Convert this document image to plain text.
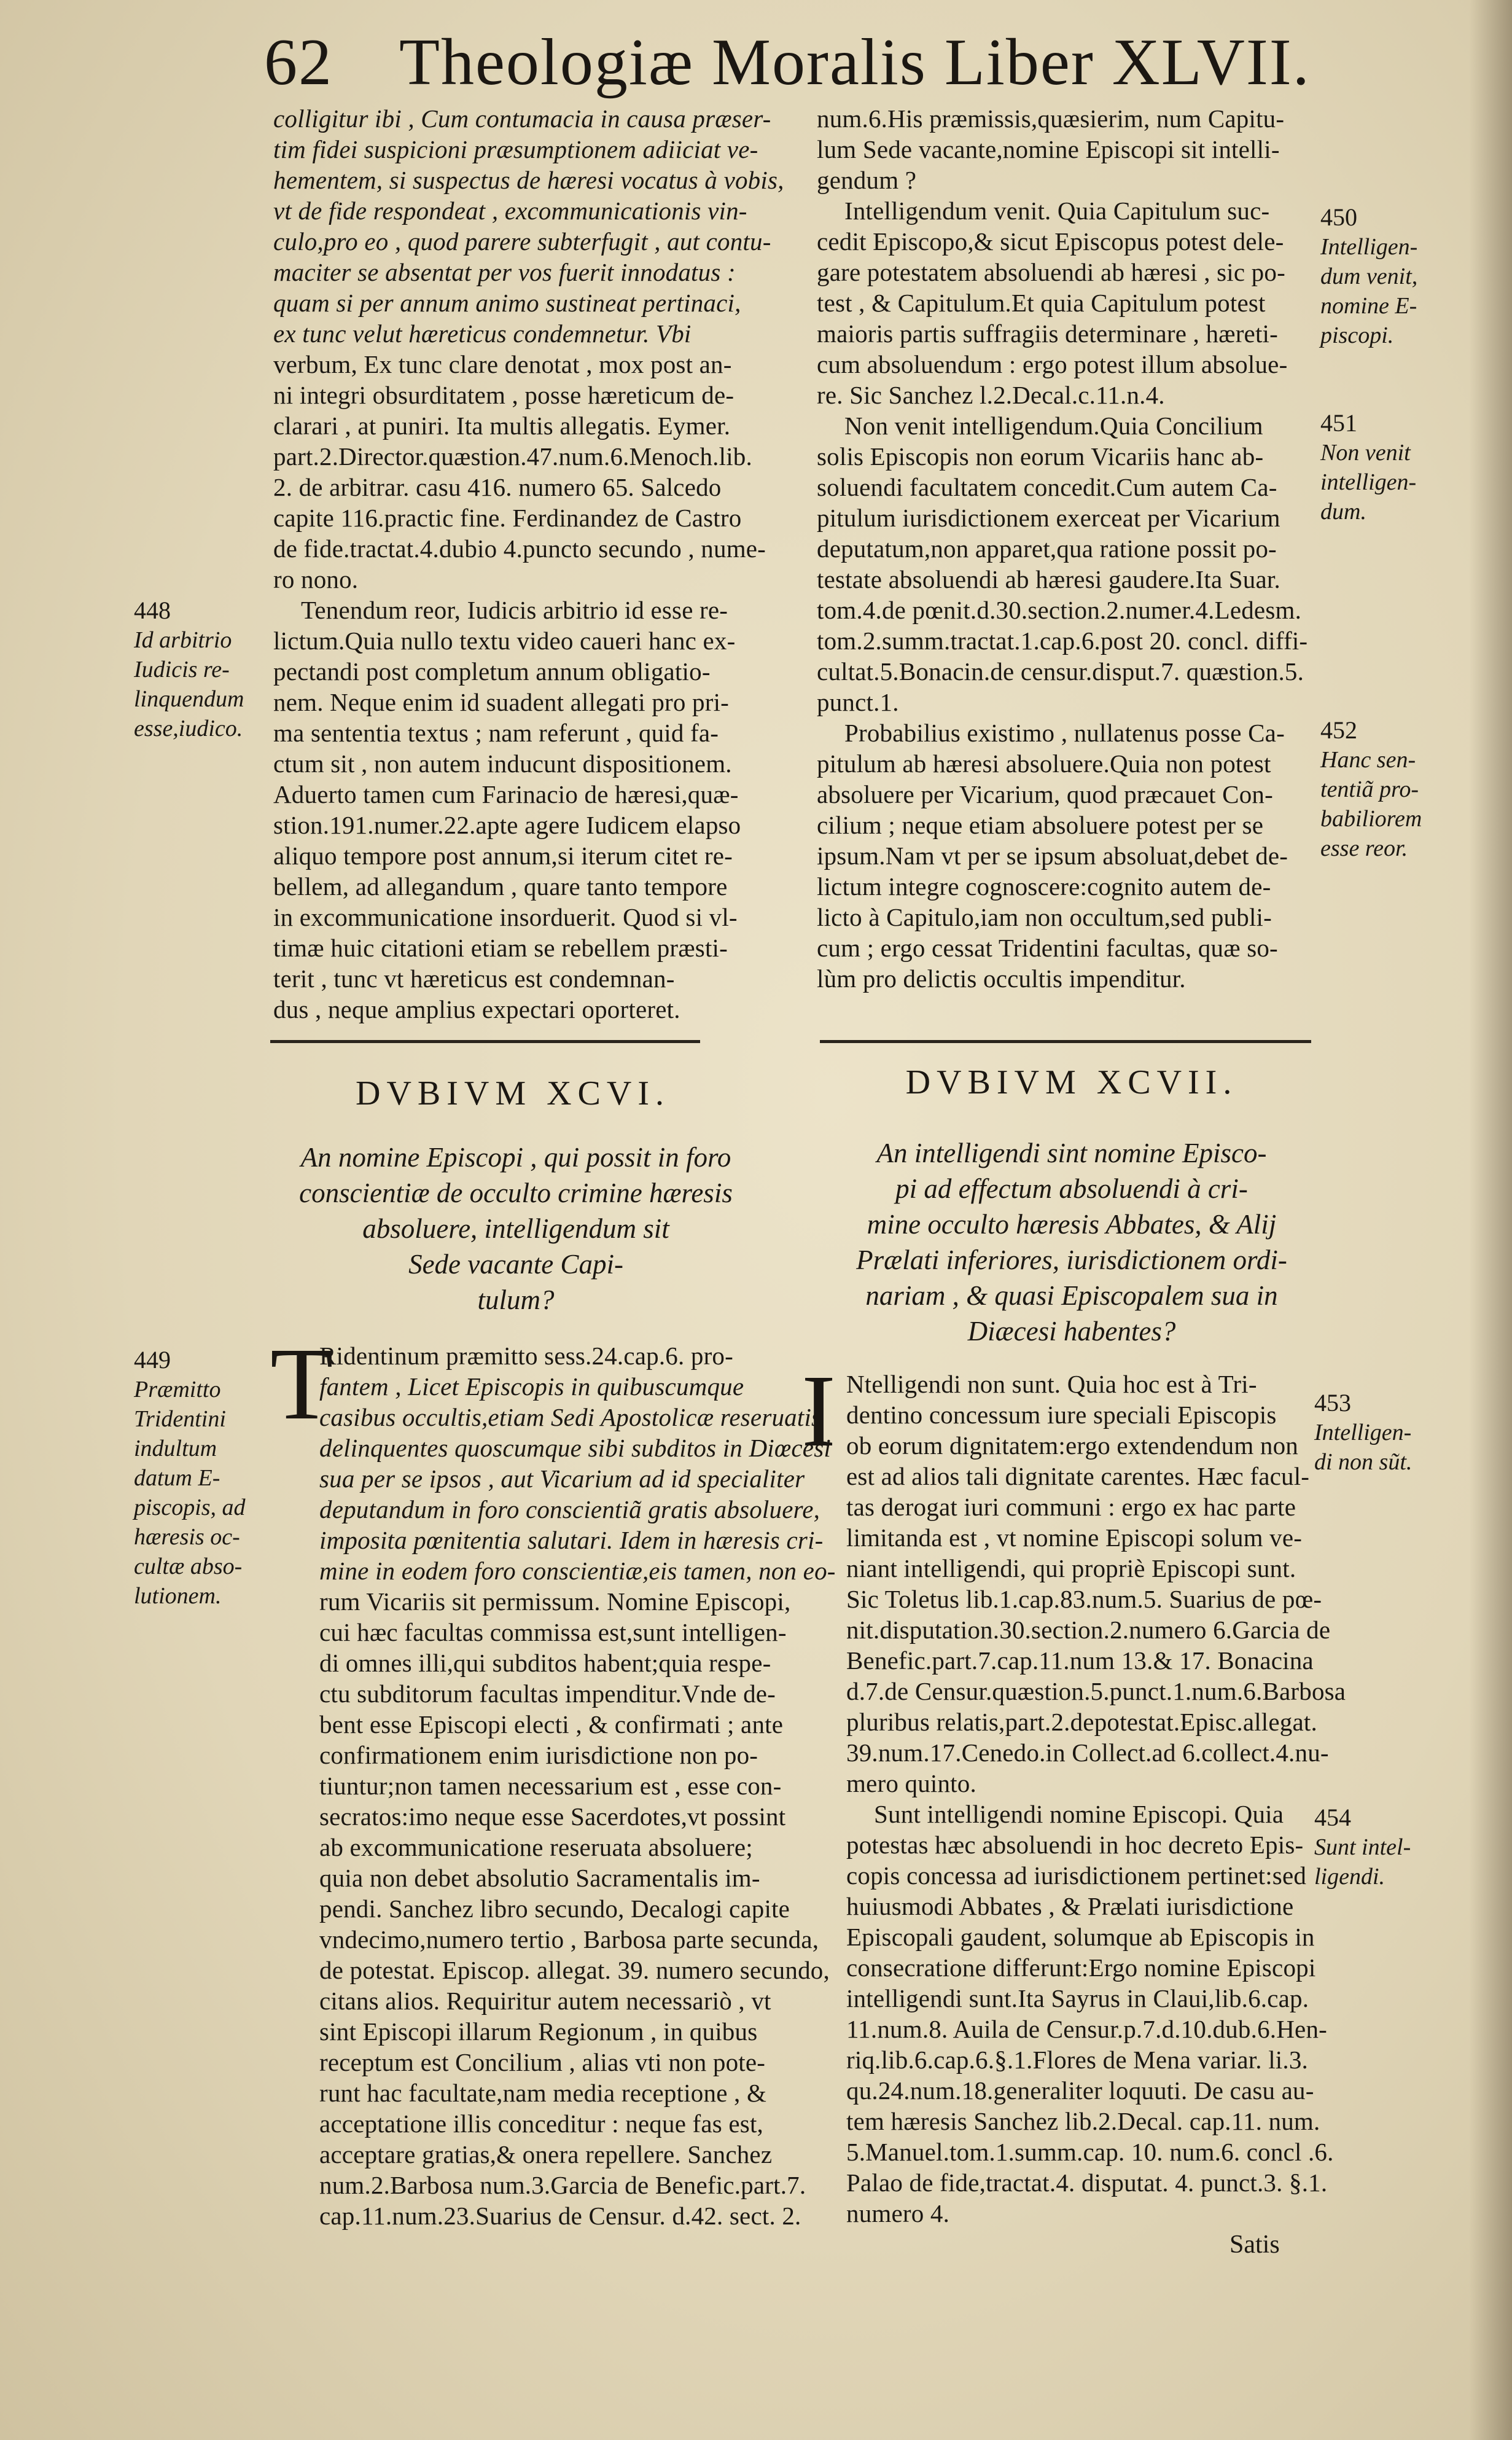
62 Theologiæ Moralis Liber XLVII.
colligitur ibi , Cum contumacia in causa præser-
tim fidei suspicioni præsumptionem adiiciat ve-
hementem, si suspectus de hæresi vocatus à vobis,
vt de fide respondeat , excommunicationis vin-
culo,pro eo , quod parere subterfugit , aut contu-
maciter se absentat per vos fuerit innodatus :
quam si per annum animo sustineat pertinaci,
ex tunc velut hæreticus condemnetur. Vbi
verbum, Ex tunc clare denotat , mox post an-
ni integri obsurditatem , posse hæreticum de-
clarari , at puniri. Ita multis allegatis. Eymer.
part.2.Director.quæstion.47.num.6.Menoch.lib.
2. de arbitrar. casu 416. numero 65. Salcedo
capite 116.practic fine. Ferdinandez de Castro
de fide.tractat.4.dubio 4.puncto secundo , nume-
ro nono.
Tenendum reor, Iudicis arbitrio id esse re-
lictum.Quia nullo textu video caueri hanc ex-
pectandi post completum annum obligatio-
nem. Neque enim id suadent allegati pro pri-
ma sententia textus ; nam referunt , quid fa-
ctum sit , non autem inducunt dispositionem.
Aduerto tamen cum Farinacio de hæresi,quæ-
stion.191.numer.22.apte agere Iudicem elapso
aliquo tempore post annum,si iterum citet re-
bellem, ad allegandum , quare tanto tempore
in excommunicatione insorduerit. Quod si vl-
timæ huic citationi etiam se rebellem præsti-
terit , tunc vt hæreticus est condemnan-
dus , neque amplius expectari oporteret.
num.6.His præmissis,quæsierim, num Capitu-
lum Sede vacante,nomine Episcopi sit intelli-
gendum ?
Intelligendum venit. Quia Capitulum suc-
cedit Episcopo,& sicut Episcopus potest dele-
gare potestatem absoluendi ab hæresi , sic po-
test , & Capitulum.Et quia Capitulum potest
maioris partis suffragiis determinare , hæreti-
cum absoluendum : ergo potest illum absolue-
re. Sic Sanchez l.2.Decal.c.11.n.4.
Non venit intelligendum.Quia Concilium
solis Episcopis non eorum Vicariis hanc ab-
soluendi facultatem concedit.Cum autem Ca-
pitulum iurisdictionem exerceat per Vicarium
deputatum,non apparet,qua ratione possit po-
testate absoluendi ab hæresi gaudere.Ita Suar.
tom.4.de pœnit.d.30.section.2.numer.4.Ledesm.
tom.2.summ.tractat.1.cap.6.post 20. concl. diffi-
cultat.5.Bonacin.de censur.disput.7. quæstion.5.
punct.1.
Probabilius existimo , nullatenus posse Ca-
pitulum ab hæresi absoluere.Quia non potest
absoluere per Vicarium, quod præcauet Con-
cilium ; neque etiam absoluere potest per se
ipsum.Nam vt per se ipsum absoluat,debet de-
lictum integre cognoscere:cognito autem de-
licto à Capitulo,iam non occultum,sed publi-
cum ; ergo cessat Tridentini facultas, quæ so-
lùm pro delictis occultis impenditur.
448
Id arbitrio
Iudicis re-
linquendum
esse,iudico.
450
Intelligen-
dum venit,
nomine E-
piscopi.
451
Non venit
intelligen-
dum.
452
Hanc sen-
tentiã pro-
babiliorem
esse reor.
449
Præmitto
Tridentini
indultum
datum E-
piscopis, ad
hæresis oc-
cultæ abso-
lutionem.
453
Intelligen-
di non sũt.
454
Sunt intel-
ligendi.
DVBIVM XCVI.	DVBIVM XCVII.
An nomine Episcopi , qui possit in foro
conscientiæ de occulto crimine hæresis
absoluere, intelligendum sit
Sede vacante Capi-
tulum?
An intelligendi sint nomine Episco-
pi ad effectum absoluendi à cri-
mine occulto hæresis Abbates, & Alij
Prælati inferiores, iurisdictionem ordi-
nariam , & quasi Episcopalem sua in
Diæcesi habentes?
T	I
Ridentinum præmitto sess.24.cap.6. pro-
fantem , Licet Episcopis in quibuscumque
casibus occultis,etiam Sedi Apostolicæ reseruatis
delinquentes quoscumque sibi subditos in Diœcesi
sua per se ipsos , aut Vicarium ad id specialiter
deputandum in foro conscientiã gratis absoluere,
imposita pœnitentia salutari. Idem in hæresis cri-
mine in eodem foro conscientiæ,eis tamen, non eo-
rum Vicariis sit permissum. Nomine Episcopi,
cui hæc facultas commissa est,sunt intelligen-
di omnes illi,qui subditos habent;quia respe-
ctu subditorum facultas impenditur.Vnde de-
bent esse Episcopi electi , & confirmati ; ante
confirmationem enim iurisdictione non po-
tiuntur;non tamen necessarium est , esse con-
secratos:imo neque esse Sacerdotes,vt possint
ab excommunicatione reseruata absoluere;
quia non debet absolutio Sacramentalis im-
pendi. Sanchez libro secundo, Decalogi capite
vndecimo,numero tertio , Barbosa parte secunda,
de potestat. Episcop. allegat. 39. numero secundo,
citans alios. Requiritur autem necessariò , vt
sint Episcopi illarum Regionum , in quibus
receptum est Concilium , alias vti non pote-
runt hac facultate,nam media receptione , &
acceptatione illis conceditur : neque fas est,
acceptare gratias,& onera repellere. Sanchez
num.2.Barbosa num.3.Garcia de Benefic.part.7.
cap.11.num.23.Suarius de Censur. d.42. sect. 2.
Ntelligendi non sunt. Quia hoc est à Tri-
dentino concessum iure speciali Episcopis
ob eorum dignitatem:ergo extendendum non
est ad alios tali dignitate carentes. Hæc facul-
tas derogat iuri communi : ergo ex hac parte
limitanda est , vt nomine Episcopi solum ve-
niant intelligendi, qui propriè Episcopi sunt.
Sic Toletus lib.1.cap.83.num.5. Suarius de pœ-
nit.disputation.30.section.2.numero 6.Garcia de
Benefic.part.7.cap.11.num 13.& 17. Bonacina
d.7.de Censur.quæstion.5.punct.1.num.6.Barbosa
pluribus relatis,part.2.depotestat.Episc.allegat.
39.num.17.Cenedo.in Collect.ad 6.collect.4.nu-
mero quinto.
Sunt intelligendi nomine Episcopi. Quia
potestas hæc absoluendi in hoc decreto Epis-
copis concessa ad iurisdictionem pertinet:sed
huiusmodi Abbates , & Prælati iurisdictione
Episcopali gaudent, solumque ab Episcopis in
consecratione differunt:Ergo nomine Episcopi
intelligendi sunt.Ita Sayrus in Claui,lib.6.cap.
11.num.8. Auila de Censur.p.7.d.10.dub.6.Hen-
riq.lib.6.cap.6.§.1.Flores de Mena variar. li.3.
qu.24.num.18.generaliter loquuti. De casu au-
tem hæresis Sanchez lib.2.Decal. cap.11. num.
5.Manuel.tom.1.summ.cap. 10. num.6. concl .6.
Palao de fide,tractat.4. disputat. 4. punct.3. §.1.
numero 4.
Satis
